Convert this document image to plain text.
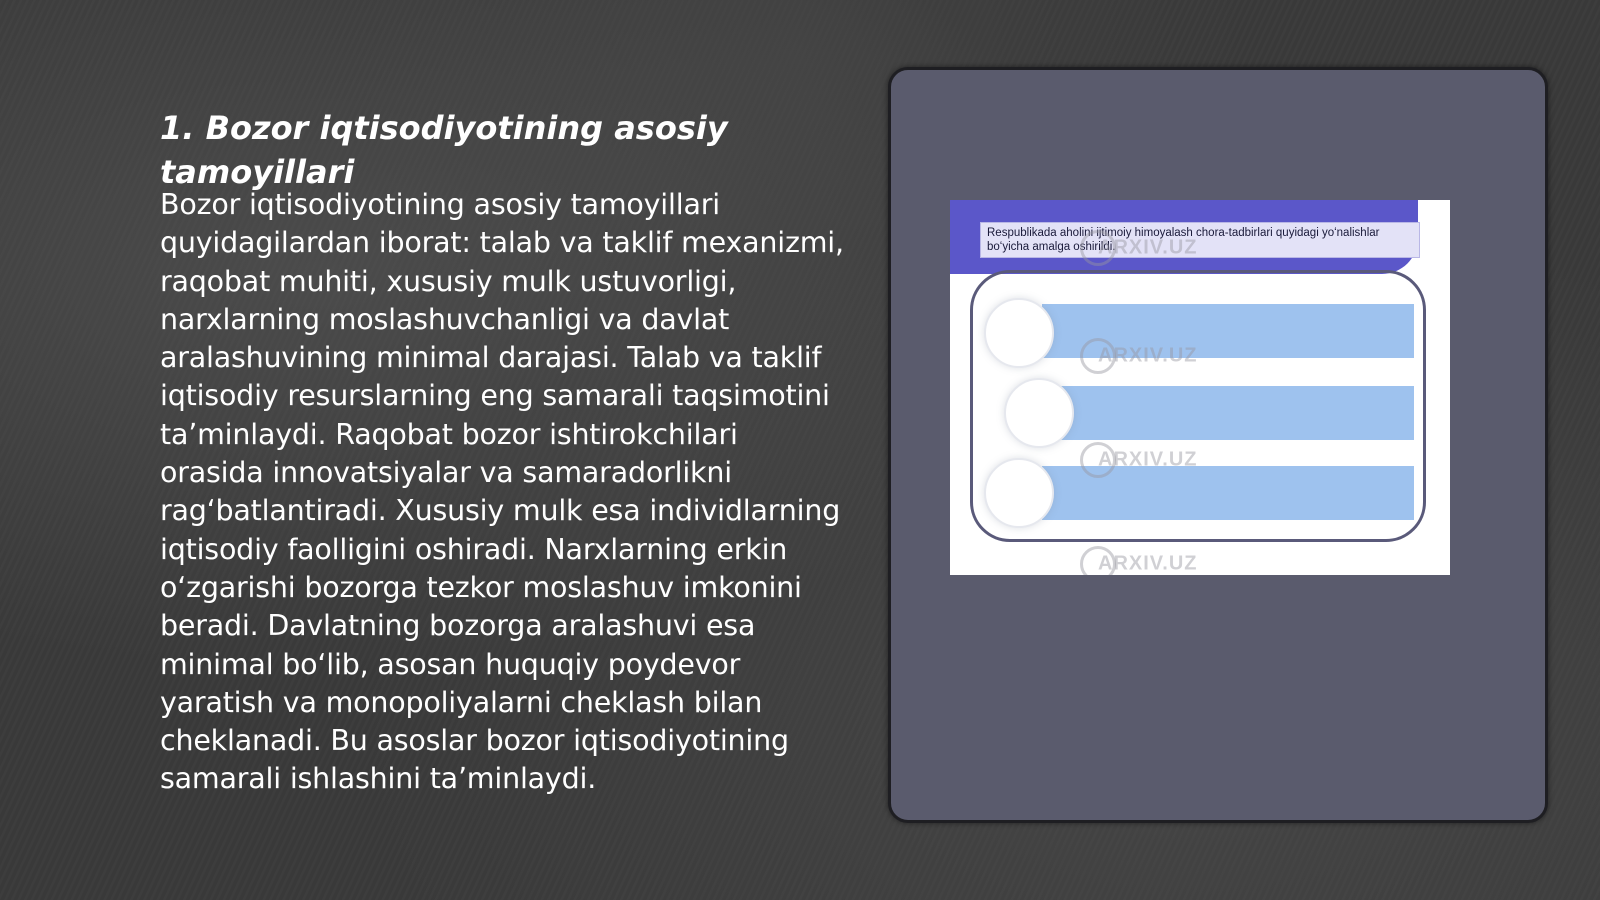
1. Bozor iqtisodiyotining asosiy tamoyillari

Bozor iqtisodiyotining asosiy tamoyillari quyidagilardan iborat: talab va taklif mexanizmi, raqobat muhiti, xususiy mulk ustuvorligi, narxlarning moslashuvchanligi va davlat aralashuvining minimal darajasi. Talab va taklif iqtisodiy resurslarning eng samarali taqsimotini taʼminlaydi. Raqobat bozor ishtirokchilari orasida innovatsiyalar va samaradorlikni ragʻbatlantiradi. Xususiy mulk esa individlarning iqtisodiy faolligini oshiradi. Narxlarning erkin oʻzgarishi bozorga tezkor moslashuv imkonini beradi. Davlatning bozorga aralashuvi esa minimal boʻlib, asosan huquqiy poydevor yaratish va monopoliyalarni cheklash bilan cheklanadi. Bu asoslar bozor iqtisodiyotining samarali ishlashini taʼminlaydi.

Respublikada aholini ijtimoiy himoyalash chora-tadbirlari quyidagi yoʻnalishlar boʻyicha amalga oshirildi.
ARXIV.UZ
ARXIV.UZ
ARXIV.UZ
ARXIV.UZ
